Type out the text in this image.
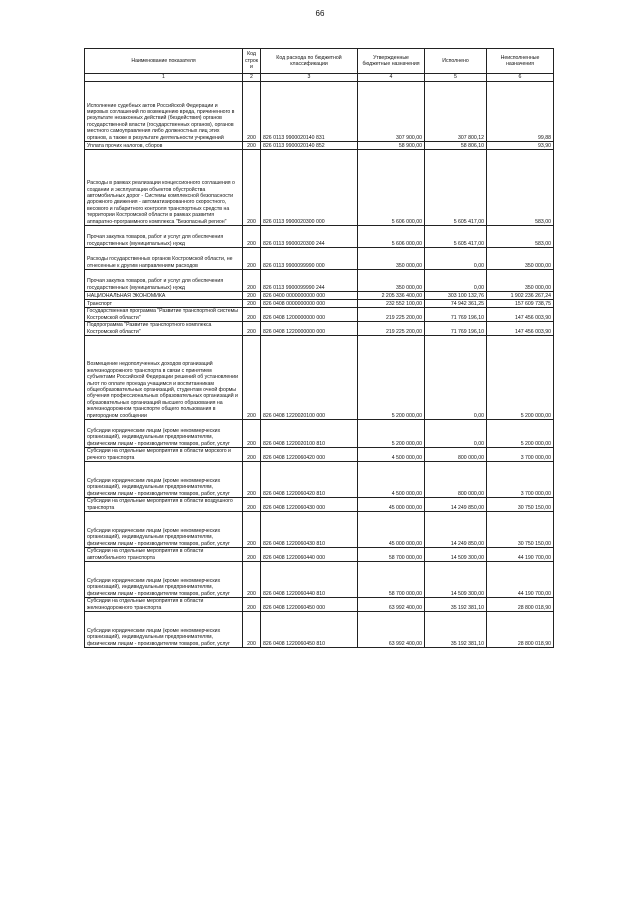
66
Наименование показателя	Код строк и	Код расхода по бюджетной классификации	Утвержденные бюджетные назначения	Исполнено	Неисполненные назначения
1	2	3	4	5	6
Исполнение судебных актов Российской Федерации и мировых соглашений по возмещению вреда, причиненного в результате незаконных действий (бездействия) органов государственной власти (государственных органов), органов местного самоуправления либо должностных лиц этих органов, а также в результате деятельности учреждений	200	826 0113 9900020140 831	307 900,00	307 800,12	99,88
Уплата прочих налогов, сборов	200	826 0113 9900020140 852	58 900,00	58 806,10	93,90
Расходы в рамках реализации концессионного соглашения о создании и эксплуатации объектов обустройства автомобильных дорог - Системы комплексной безопасности дорожного движения - автоматизированного скоростного, весового и габаритного контроля транспортных средств на территории Костромской области в рамках развития аппаратно-программного комплекса "Безопасный регион"	200	826 0113 9900020300 000	5 606 000,00	5 605 417,00	583,00
Прочая закупка товаров, работ и услуг для обеспечения государственных (муниципальных) нужд	200	826 0113 9900020300 244	5 606 000,00	5 605 417,00	583,00
Расходы государственных органов Костромской области, не отнесенные к другим направлениям расходов	200	826 0113 9900099990 000	350 000,00	0,00	350 000,00
Прочая закупка товаров, работ и услуг для обеспечения государственных (муниципальных) нужд	200	826 0113 9900099990 244	350 000,00	0,00	350 000,00
НАЦИОНАЛЬНАЯ ЭКОНОМИКА	200	826 0400 0000000000 000	2 205 336 400,00	303 100 132,76	1 902 236 267,24
Транспорт	200	826 0408 0000000000 000	232 552 100,00	74 942 361,25	157 609 738,75
Государственная программа "Развитие транспортной системы Костромской области"	200	826 0408 1200000000 000	219 225 200,00	71 769 196,10	147 456 003,90
Подпрограмма "Развитие транспортного комплекса Костромской области"	200	826 0408 1220000000 000	219 225 200,00	71 769 196,10	147 456 003,90
Возмещение недополученных доходов организаций железнодорожного транспорта в связи с принятием субъектами Российской Федерации решений об установлении льгот по оплате проезда учащимся и воспитанникам общеобразовательных организаций, студентам очной формы обучения профессиональных образовательных организаций и образовательных организаций высшего образования на железнодорожном транспорте общего пользования в пригородном сообщении	200	826 0408 1220020100 000	5 200 000,00	0,00	5 200 000,00
Субсидии юридическим лицам (кроме некоммерческих организаций), индивидуальным предпринимателям, физическим лицам - производителям товаров, работ, услуг	200	826 0408 1220020100 810	5 200 000,00	0,00	5 200 000,00
Субсидии на отдельные мероприятия в области морского и речного транспорта	200	826 0408 1220060420 000	4 500 000,00	800 000,00	3 700 000,00
Субсидии юридическим лицам (кроме некоммерческих организаций), индивидуальным предпринимателям, физическим лицам - производителям товаров, работ, услуг	200	826 0408 1220060420 810	4 500 000,00	800 000,00	3 700 000,00
Субсидии на отдельные мероприятия в области воздушного транспорта	200	826 0408 1220060430 000	45 000 000,00	14 249 850,00	30 750 150,00
Субсидии юридическим лицам (кроме некоммерческих организаций), индивидуальным предпринимателям, физическим лицам - производителям товаров, работ, услуг	200	826 0408 1220060430 810	45 000 000,00	14 249 850,00	30 750 150,00
Субсидии на отдельные мероприятия в области автомобильного транспорта	200	826 0408 1220060440 000	58 700 000,00	14 509 300,00	44 190 700,00
Субсидии юридическим лицам (кроме некоммерческих организаций), индивидуальным предпринимателям, физическим лицам - производителям товаров, работ, услуг	200	826 0408 1220060440 810	58 700 000,00	14 509 300,00	44 190 700,00
Субсидии на отдельные мероприятия в области железнодорожного транспорта	200	826 0408 1220060450 000	63 992 400,00	35 192 381,10	28 800 018,90
Субсидии юридическим лицам (кроме некоммерческих организаций), индивидуальным предпринимателям, физическим лицам - производителям товаров, работ, услуг	200	826 0408 1220060450 810	63 992 400,00	35 192 381,10	28 800 018,90
